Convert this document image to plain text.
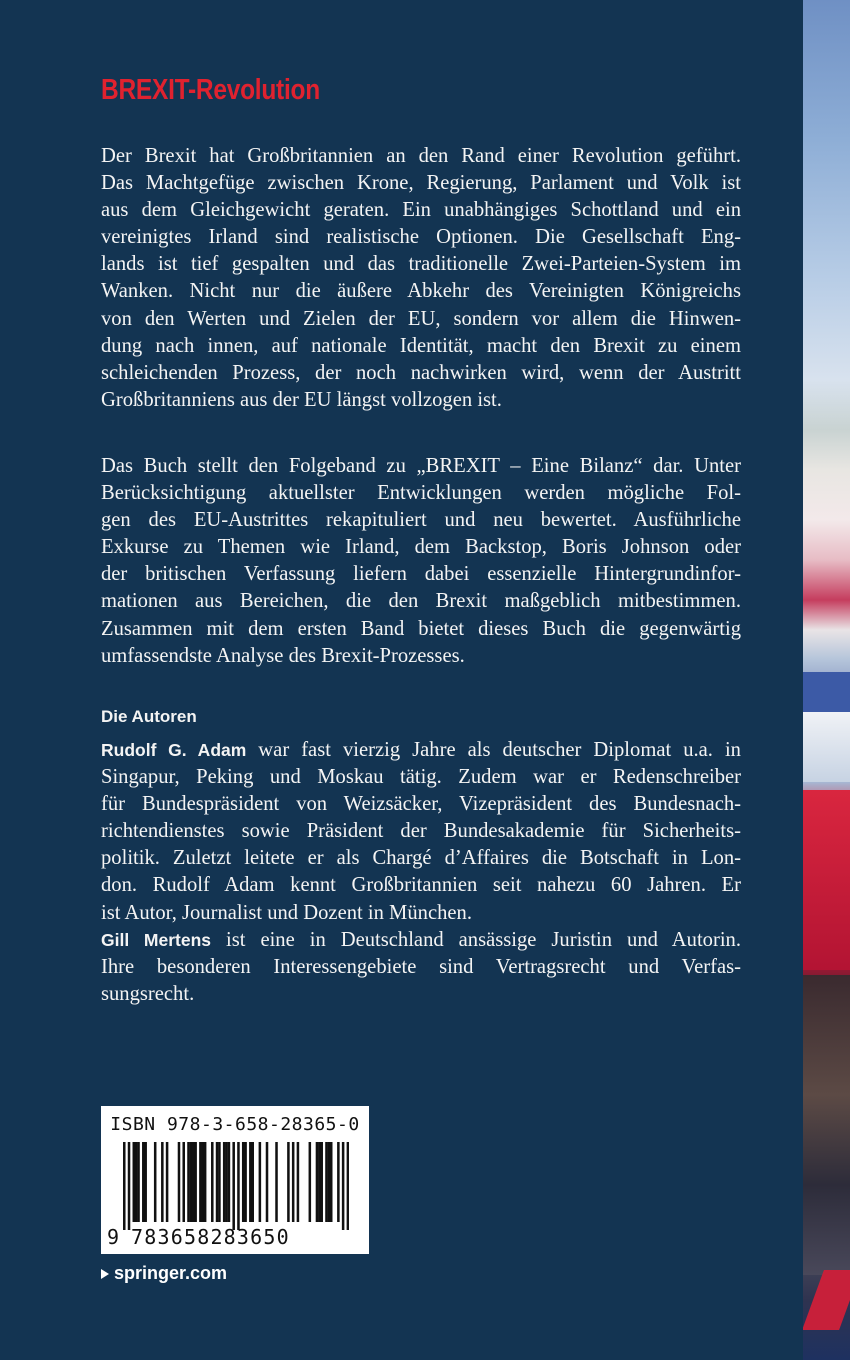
BREXIT-Revolution
Der Brexit hat Großbritannien an den Rand einer Revolution geführt.
Das Machtgefüge zwischen Krone, Regierung, Parlament und Volk ist
aus dem Gleichgewicht geraten. Ein unabhängiges Schottland und ein
vereinigtes Irland sind realistische Optionen. Die Gesellschaft Eng-
lands ist tief gespalten und das traditionelle Zwei-Parteien-System im
Wanken. Nicht nur die äußere Abkehr des Vereinigten Königreichs
von den Werten und Zielen der EU, sondern vor allem die Hinwen-
dung nach innen, auf nationale Identität, macht den Brexit zu einem
schleichenden Prozess, der noch nachwirken wird, wenn der Austritt
Großbritanniens aus der EU längst vollzogen ist.
Das Buch stellt den Folgeband zu „BREXIT – Eine Bilanz“ dar. Unter
Berücksichtigung aktuellster Entwicklungen werden mögliche Fol-
gen des EU-Austrittes rekapituliert und neu bewertet. Ausführliche
Exkurse zu Themen wie Irland, dem Backstop, Boris Johnson oder
der britischen Verfassung liefern dabei essenzielle Hintergrundinfor-
mationen aus Bereichen, die den Brexit maßgeblich mitbestimmen.
Zusammen mit dem ersten Band bietet dieses Buch die gegenwärtig
umfassendste Analyse des Brexit-Prozesses.
Die Autoren
Rudolf G. Adam war fast vierzig Jahre als deutscher Diplomat u.a. in
Singapur, Peking und Moskau tätig. Zudem war er Redenschreiber
für Bundespräsident von Weizsäcker, Vizepräsident des Bundesnach-
richtendienstes sowie Präsident der Bundesakademie für Sicherheits-
politik. Zuletzt leitete er als Chargé d’Affaires die Botschaft in Lon-
don. Rudolf Adam kennt Großbritannien seit nahezu 60 Jahren. Er
ist Autor, Journalist und Dozent in München.
Gill Mertens ist eine in Deutschland ansässige Juristin und Autorin.
Ihre besonderen Interessengebiete sind Vertragsrecht und Verfas-
sungsrecht.
ISBN 978-3-658-28365-0
9 783658283650
springer.com
